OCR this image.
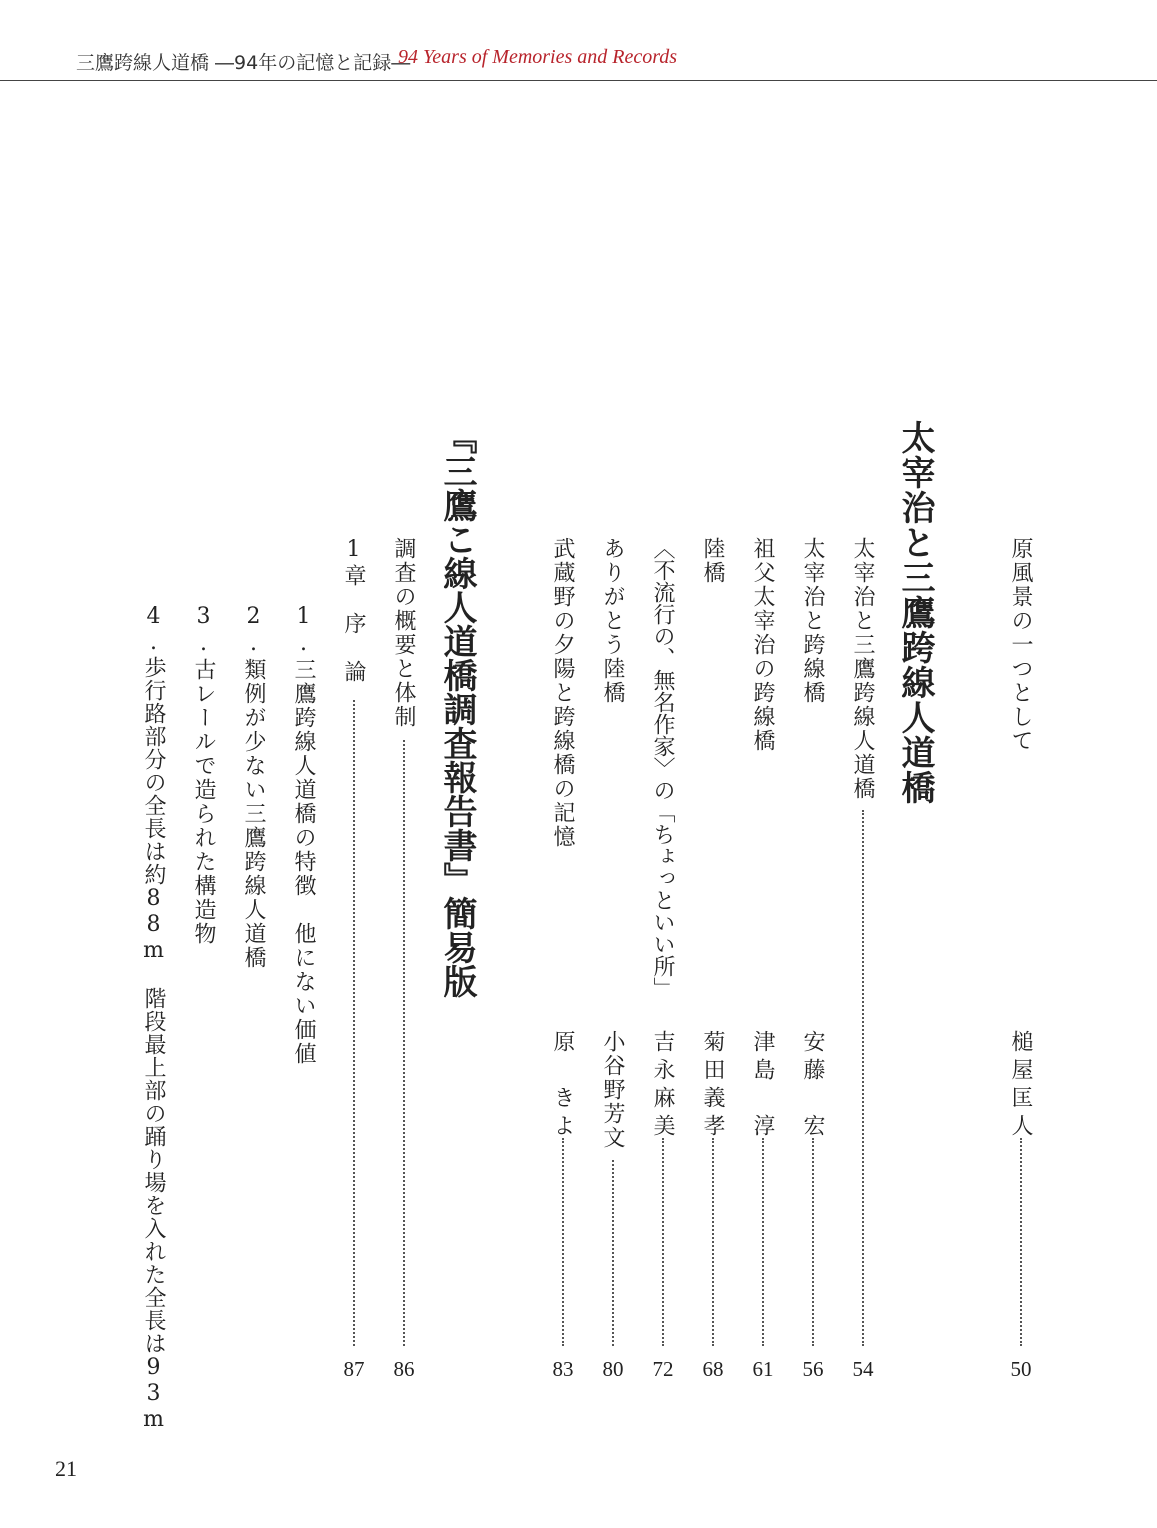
三鷹跨線人道橋 ―94年の記憶と記録―
94 Years of Memories and Records
原風景の一つとして
槌屋匡人
50
太宰治と三鷹跨線人道橋
太宰治と三鷹跨線人道橋
54
太宰治と跨線橋
安藤　宏
56
祖父太宰治の跨線橋
津島　淳
61
陸橋
菊田義孝
68
〈不流行の、無名作家〉の「ちょっといい所」
吉永麻美
72
ありがとう陸橋
小谷野芳文
80
武蔵野の夕陽と跨線橋の記憶
原　きよ
83
『三鷹こ線人道橋調査報告書』簡易版
調査の概要と体制
86
1章　序　論
87
1.三鷹跨線人道橋の特徴　他にない価値
2.類例が少ない三鷹跨線人道橋
3.古レールで造られた構造物
4.歩行路部分の全長は約88m　階段最上部の踊り場を入れた全長は93m
21
